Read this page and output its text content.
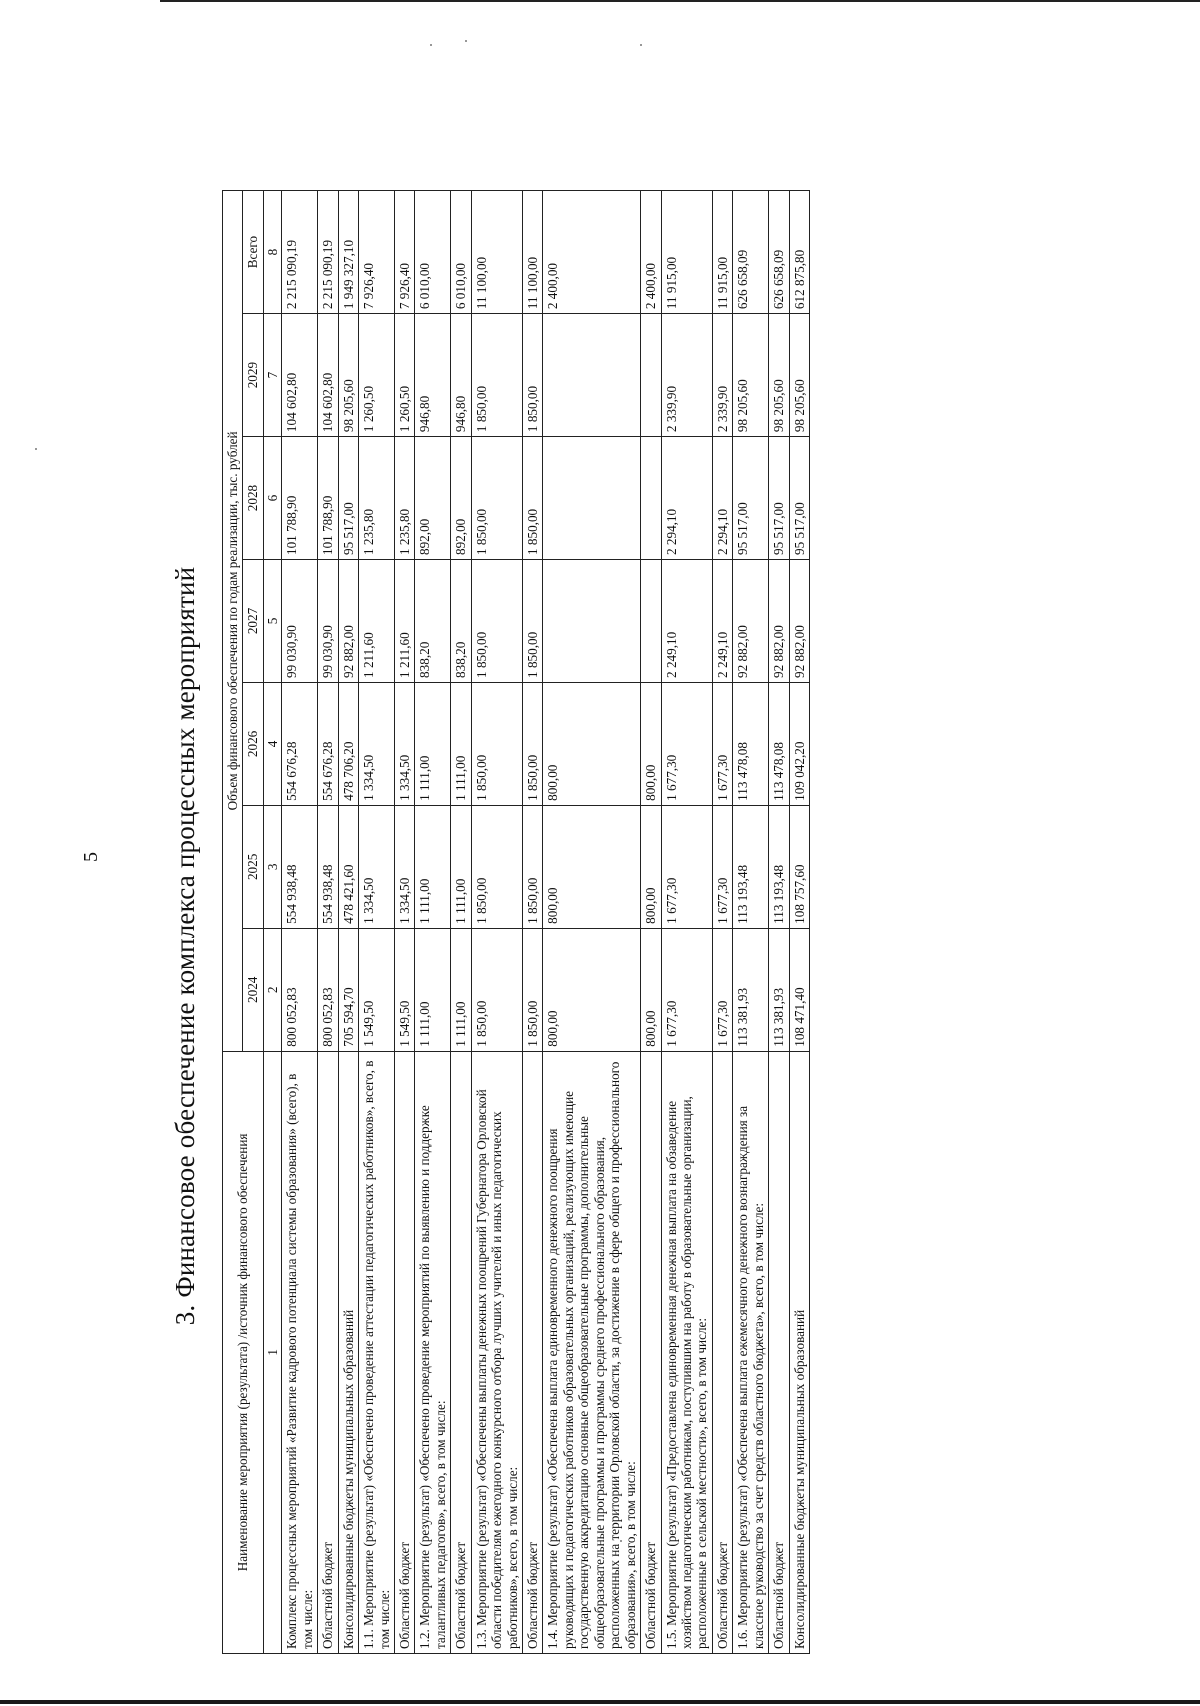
5	3. Финансовое обеспечение комплекса процессных мероприятий
Наименование мероприятия (результата) /источник финансового обеспечения	Объем финансового обеспечения по годам реализации, тыс. рублей						
	2024	2025	2026	2027	2028	2029	Всего
1	2	3	4	5	6	7	8
Комплекс процессных мероприятий «Развитие кадрового потенциала системы образования» (всего), в том числе:	800 052,83	554 938,48	554 676,28	99 030,90	101 788,90	104 602,80	2 215 090,19
Областной бюджет	800 052,83	554 938,48	554 676,28	99 030,90	101 788,90	104 602,80	2 215 090,19
Консолидированные бюджеты муниципальных образований	705 594,70	478 421,60	478 706,20	92 882,00	95 517,00	98 205,60	1 949 327,10
1.1. Мероприятие (результат) «Обеспечено проведение аттестации педагогических работников», всего, в том числе:	1 549,50	1 334,50	1 334,50	1 211,60	1 235,80	1 260,50	7 926,40
Областной бюджет	1 549,50	1 334,50	1 334,50	1 211,60	1 235,80	1 260,50	7 926,40
1.2. Мероприятие (результат) «Обеспечено проведение мероприятий по выявлению и поддержке талантливых педагогов», всего, в том числе:	1 111,00	1 111,00	1 111,00	838,20	892,00	946,80	6 010,00
Областной бюджет	1 111,00	1 111,00	1 111,00	838,20	892,00	946,80	6 010,00
1.3. Мероприятие (результат) «Обеспечены выплаты денежных поощрений Губернатора Орловской области победителям ежегодного конкурсного отбора лучших учителей и иных педагогических работников», всего, в том числе:	1 850,00	1 850,00	1 850,00	1 850,00	1 850,00	1 850,00	11 100,00
Областной бюджет	1 850,00	1 850,00	1 850,00	1 850,00	1 850,00	1 850,00	11 100,00
1.4. Мероприятие (результат) «Обеспечена выплата единовременного денежного поощрения руководящих и педагогических работников образовательных организаций, реализующих имеющие государственную аккредитацию основные общеобразовательные программы, дополнительные общеобразовательные программы и программы среднего профессионального образования, расположенных на территории Орловской области, за достижение в сфере общего и профессионального образования», всего, в том числе:	800,00	800,00	800,00				2 400,00
Областной бюджет	800,00	800,00	800,00				2 400,00
1.5. Мероприятие (результат) «Предоставлена единовременная денежная выплата на обзаведение хозяйством педагогическим работникам, поступившим на работу в образовательные организации, расположенные в сельской местности», всего, в том числе:	1 677,30	1 677,30	1 677,30	2 249,10	2 294,10	2 339,90	11 915,00
Областной бюджет	1 677,30	1 677,30	1 677,30	2 249,10	2 294,10	2 339,90	11 915,00
1.6. Мероприятие (результат) «Обеспечена выплата ежемесячного денежного вознаграждения за классное руководство за счет средств областного бюджета», всего, в том числе:	113 381,93	113 193,48	113 478,08	92 882,00	95 517,00	98 205,60	626 658,09
Областной бюджет	113 381,93	113 193,48	113 478,08	92 882,00	95 517,00	98 205,60	626 658,09
Консолидированные бюджеты муниципальных образований	108 471,40	108 757,60	109 042,20	92 882,00	95 517,00	98 205,60	612 875,80
